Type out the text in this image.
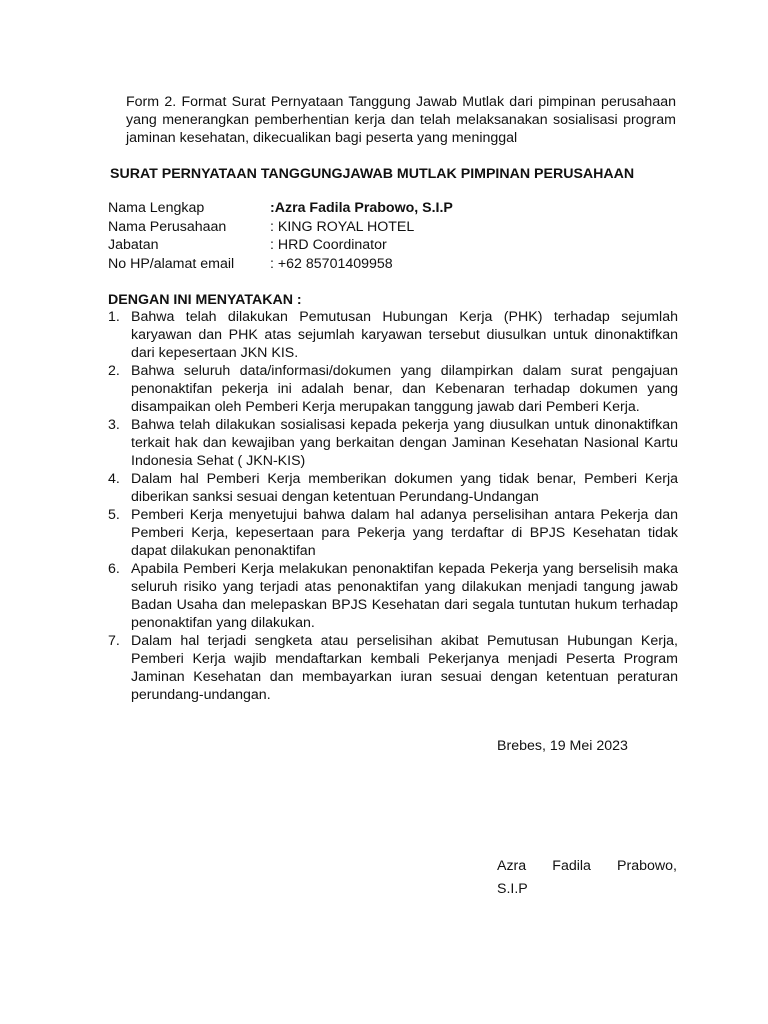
Form 2. Format Surat Pernyataan Tanggung Jawab Mutlak dari pimpinan perusahaan yang menerangkan pemberhentian kerja dan telah melaksanakan sosialisasi program jaminan kesehatan, dikecualikan bagi peserta yang meninggal
SURAT PERNYATAAN TANGGUNGJAWAB MUTLAK PIMPINAN PERUSAHAAN
Nama Lengkap	:Azra Fadila Prabowo, S.I.P
Nama Perusahaan	: KING ROYAL HOTEL
Jabatan	: HRD Coordinator
No HP/alamat email	: +62 85701409958
DENGAN INI MENYATAKAN :
1. Bahwa telah dilakukan Pemutusan Hubungan Kerja (PHK) terhadap sejumlah karyawan dan PHK atas sejumlah karyawan tersebut diusulkan untuk dinonaktifkan dari kepesertaan JKN KIS.
2. Bahwa seluruh data/informasi/dokumen yang dilampirkan dalam surat pengajuan penonaktifan pekerja ini adalah benar, dan Kebenaran terhadap dokumen yang disampaikan oleh Pemberi Kerja merupakan tanggung jawab dari Pemberi Kerja.
3. Bahwa telah dilakukan sosialisasi kepada pekerja yang diusulkan untuk dinonaktifkan terkait hak dan kewajiban yang berkaitan dengan Jaminan Kesehatan Nasional Kartu Indonesia Sehat ( JKN-KIS)
4. Dalam hal Pemberi Kerja memberikan dokumen yang tidak benar, Pemberi Kerja diberikan sanksi sesuai dengan ketentuan Perundang-Undangan
5. Pemberi Kerja menyetujui bahwa dalam hal adanya perselisihan antara Pekerja dan Pemberi Kerja, kepesertaan para Pekerja yang terdaftar di BPJS Kesehatan tidak dapat dilakukan penonaktifan
6. Apabila Pemberi Kerja melakukan penonaktifan kepada Pekerja yang berselisih maka seluruh risiko yang terjadi atas penonaktifan yang dilakukan menjadi tangung jawab Badan Usaha dan melepaskan BPJS Kesehatan dari segala tuntutan hukum terhadap penonaktifan yang dilakukan.
7. Dalam hal terjadi sengketa atau perselisihan akibat Pemutusan Hubungan Kerja, Pemberi Kerja wajib mendaftarkan kembali Pekerjanya menjadi Peserta Program Jaminan Kesehatan dan membayarkan iuran sesuai dengan ketentuan peraturan perundang-undangan.
Brebes, 19 Mei 2023
Azra Fadila Prabowo,
S.I.P
